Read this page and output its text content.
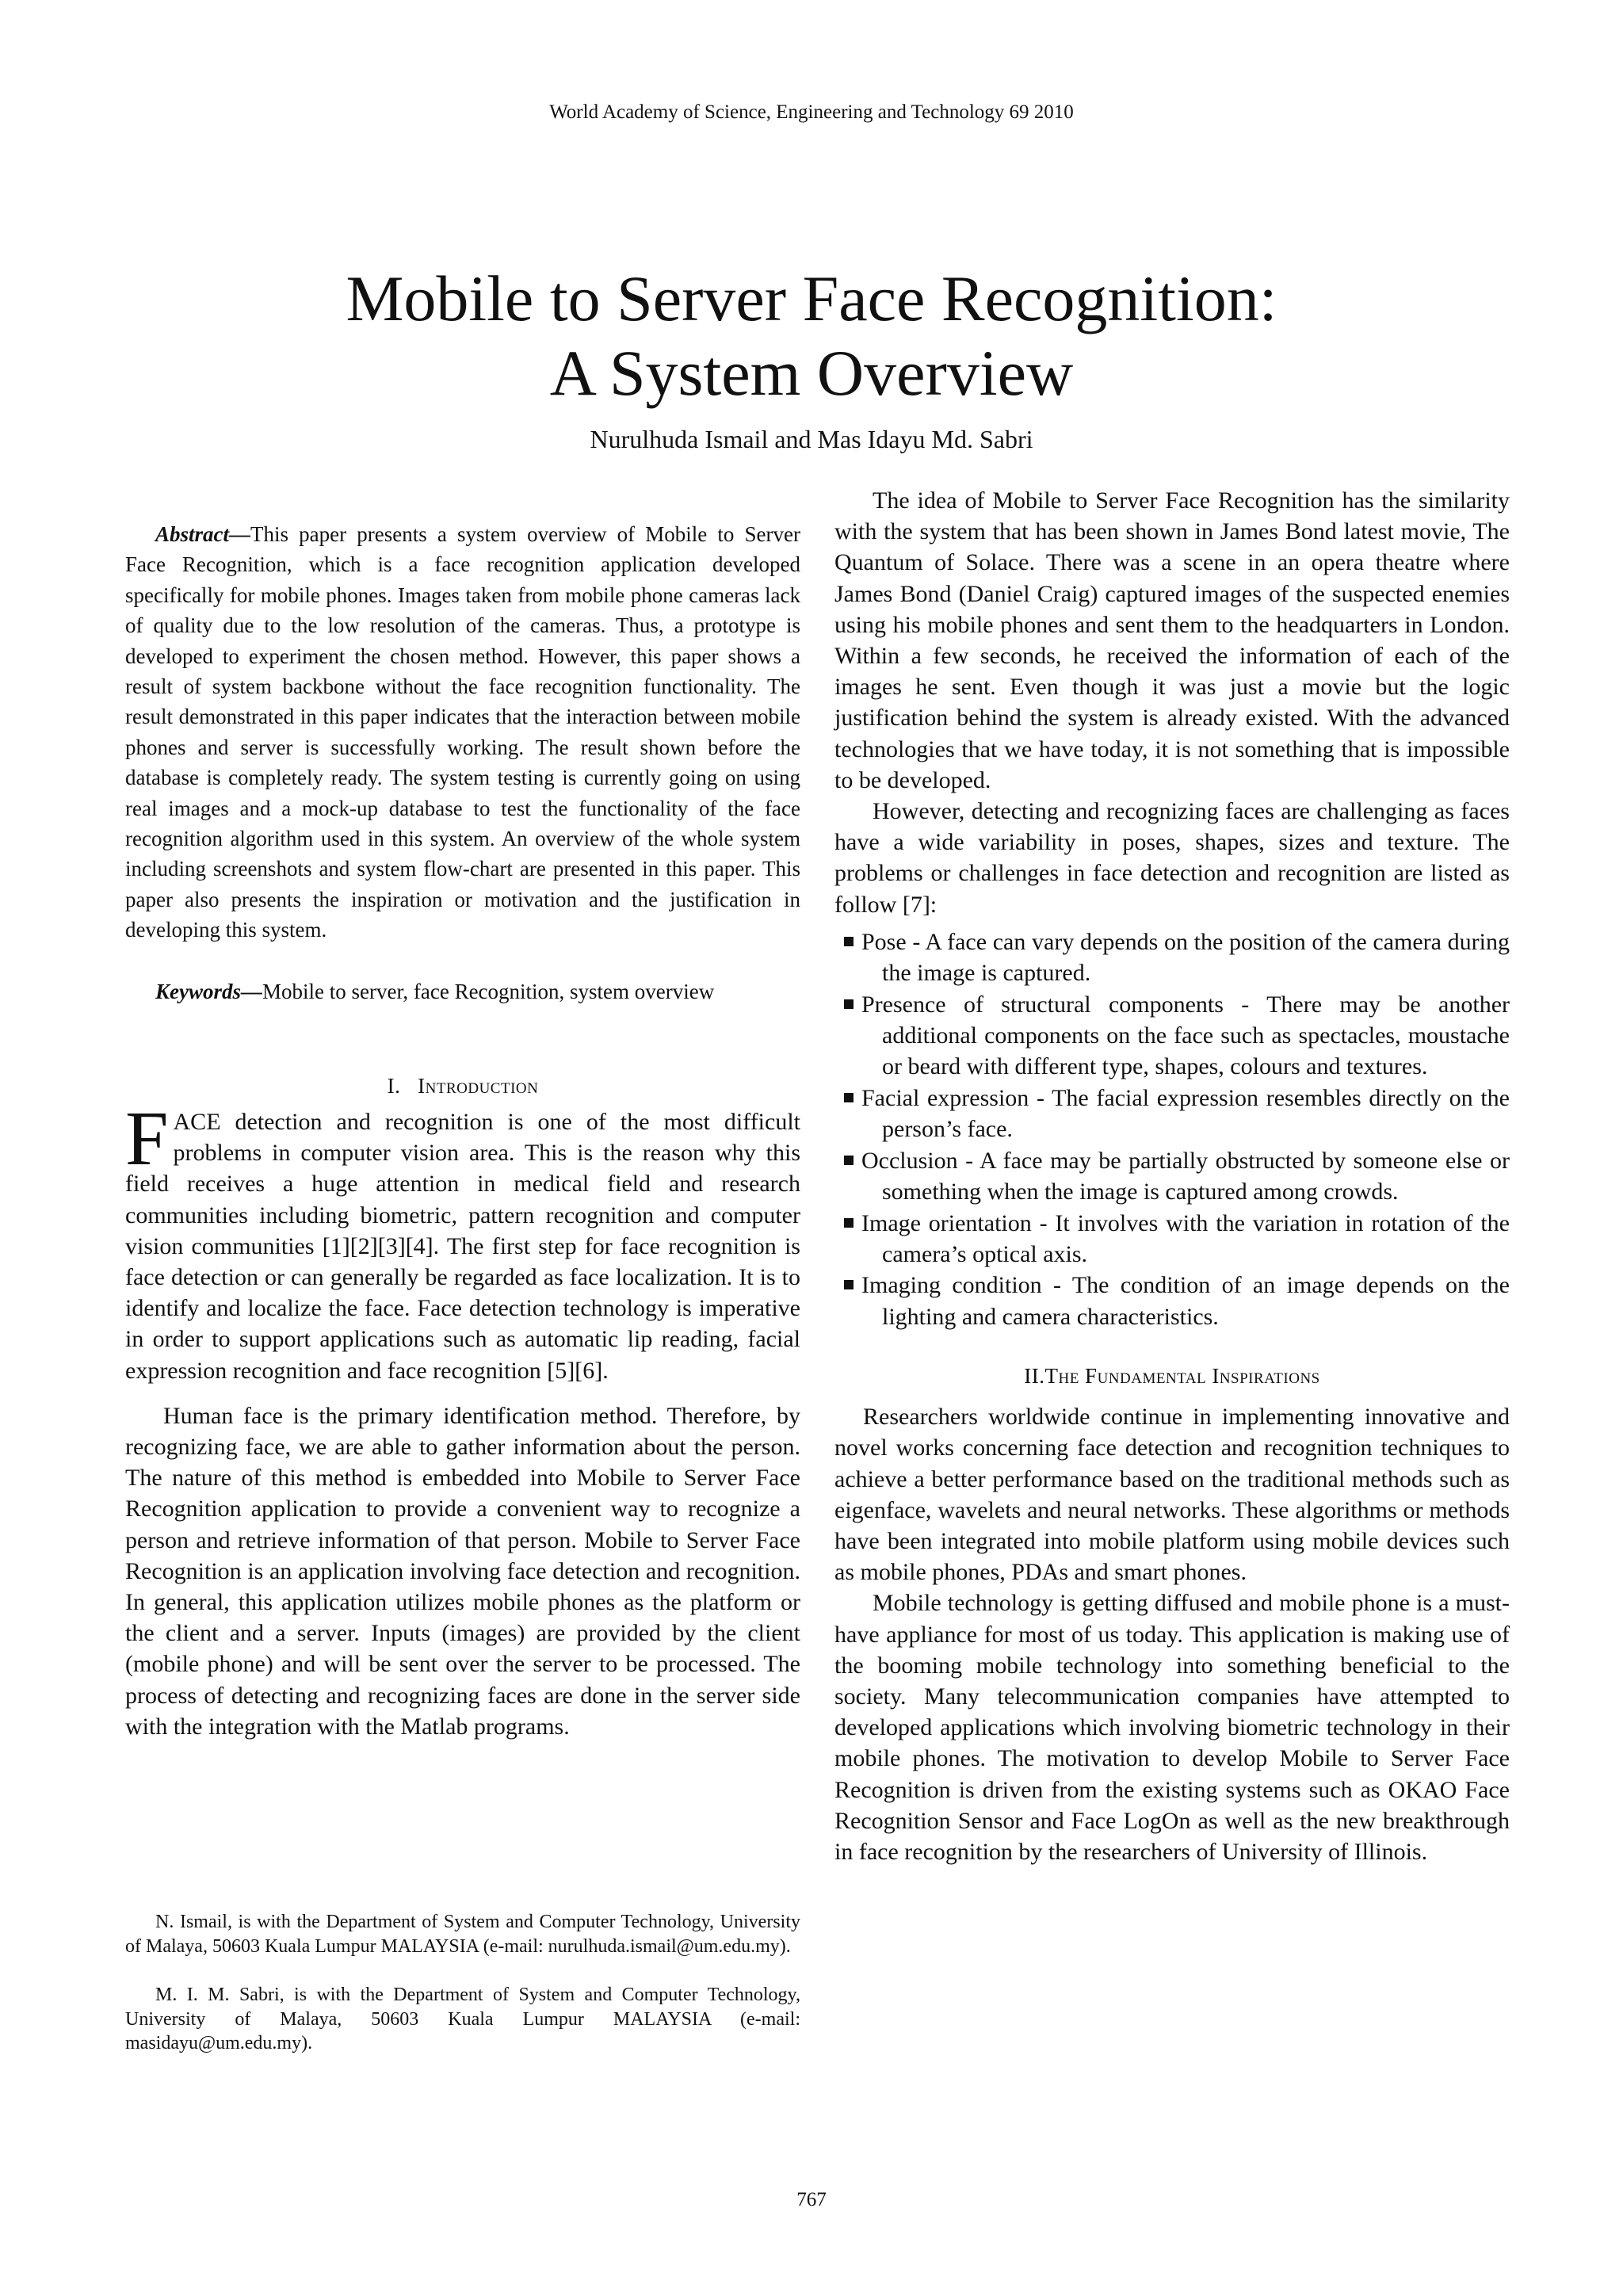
World Academy of Science, Engineering and Technology 69 2010
Mobile to Server Face Recognition:
A System Overview
Nurulhuda Ismail and Mas Idayu Md. Sabri

Abstract—This paper presents a system overview of Mobile to Server Face Recognition, which is a face recognition application developed specifically for mobile phones. Images taken from mobile phone cameras lack of quality due to the low resolution of the cameras. Thus, a prototype is developed to experiment the chosen method. However, this paper shows a result of system backbone without the face recognition functionality. The result demonstrated in this paper indicates that the interaction between mobile phones and server is successfully working. The result shown before the database is completely ready. The system testing is currently going on using real images and a mock-up database to test the functionality of the face recognition algorithm used in this system. An overview of the whole system including screenshots and system flow-chart are presented in this paper. This paper also presents the inspiration or motivation and the justification in developing this system.

Keywords—Mobile to server, face Recognition, system overview

I. Introduction

FACE detection and recognition is one of the most difficult problems in computer vision area. This is the reason why this field receives a huge attention in medical field and research communities including biometric, pattern recognition and computer vision communities [1][2][3][4]. The first step for face recognition is face detection or can generally be regarded as face localization. It is to identify and localize the face. Face detection technology is imperative in order to support applications such as automatic lip reading, facial expression recognition and face recognition [5][6].

Human face is the primary identification method. Therefore, by recognizing face, we are able to gather information about the person. The nature of this method is embedded into Mobile to Server Face Recognition application to provide a convenient way to recognize a person and retrieve information of that person. Mobile to Server Face Recognition is an application involving face detection and recognition. In general, this application utilizes mobile phones as the platform or the client and a server. Inputs (images) are provided by the client (mobile phone) and will be sent over the server to be processed. The process of detecting and recognizing faces are done in the server side with the integration with the Matlab programs.

N. Ismail, is with the Department of System and Computer Technology, University of Malaya, 50603 Kuala Lumpur MALAYSIA (e-mail: nurulhuda.ismail@um.edu.my).

M. I. M. Sabri, is with the Department of System and Computer Technology, University of Malaya, 50603 Kuala Lumpur MALAYSIA (e-mail: masidayu@um.edu.my).

The idea of Mobile to Server Face Recognition has the similarity with the system that has been shown in James Bond latest movie, The Quantum of Solace. There was a scene in an opera theatre where James Bond (Daniel Craig) captured images of the suspected enemies using his mobile phones and sent them to the headquarters in London. Within a few seconds, he received the information of each of the images he sent. Even though it was just a movie but the logic justification behind the system is already existed. With the advanced technologies that we have today, it is not something that is impossible to be developed.

However, detecting and recognizing faces are challenging as faces have a wide variability in poses, shapes, sizes and texture. The problems or challenges in face detection and recognition are listed as follow [7]:

Pose - A face can vary depends on the position of the camera during the image is captured.
Presence of structural components - There may be another additional components on the face such as spectacles, moustache or beard with different type, shapes, colours and textures.
Facial expression - The facial expression resembles directly on the person’s face.
Occlusion - A face may be partially obstructed by someone else or something when the image is captured among crowds.
Image orientation - It involves with the variation in rotation of the camera’s optical axis.
Imaging condition - The condition of an image depends on the lighting and camera characteristics.
II.The Fundamental Inspirations

Researchers worldwide continue in implementing innovative and novel works concerning face detection and recognition techniques to achieve a better performance based on the traditional methods such as eigenface, wavelets and neural networks. These algorithms or methods have been integrated into mobile platform using mobile devices such as mobile phones, PDAs and smart phones.

Mobile technology is getting diffused and mobile phone is a must-have appliance for most of us today. This application is making use of the booming mobile technology into something beneficial to the society. Many telecommunication companies have attempted to developed applications which involving biometric technology in their mobile phones. The motivation to develop Mobile to Server Face Recognition is driven from the existing systems such as OKAO Face Recognition Sensor and Face LogOn as well as the new breakthrough in face recognition by the researchers of University of Illinois.

767
